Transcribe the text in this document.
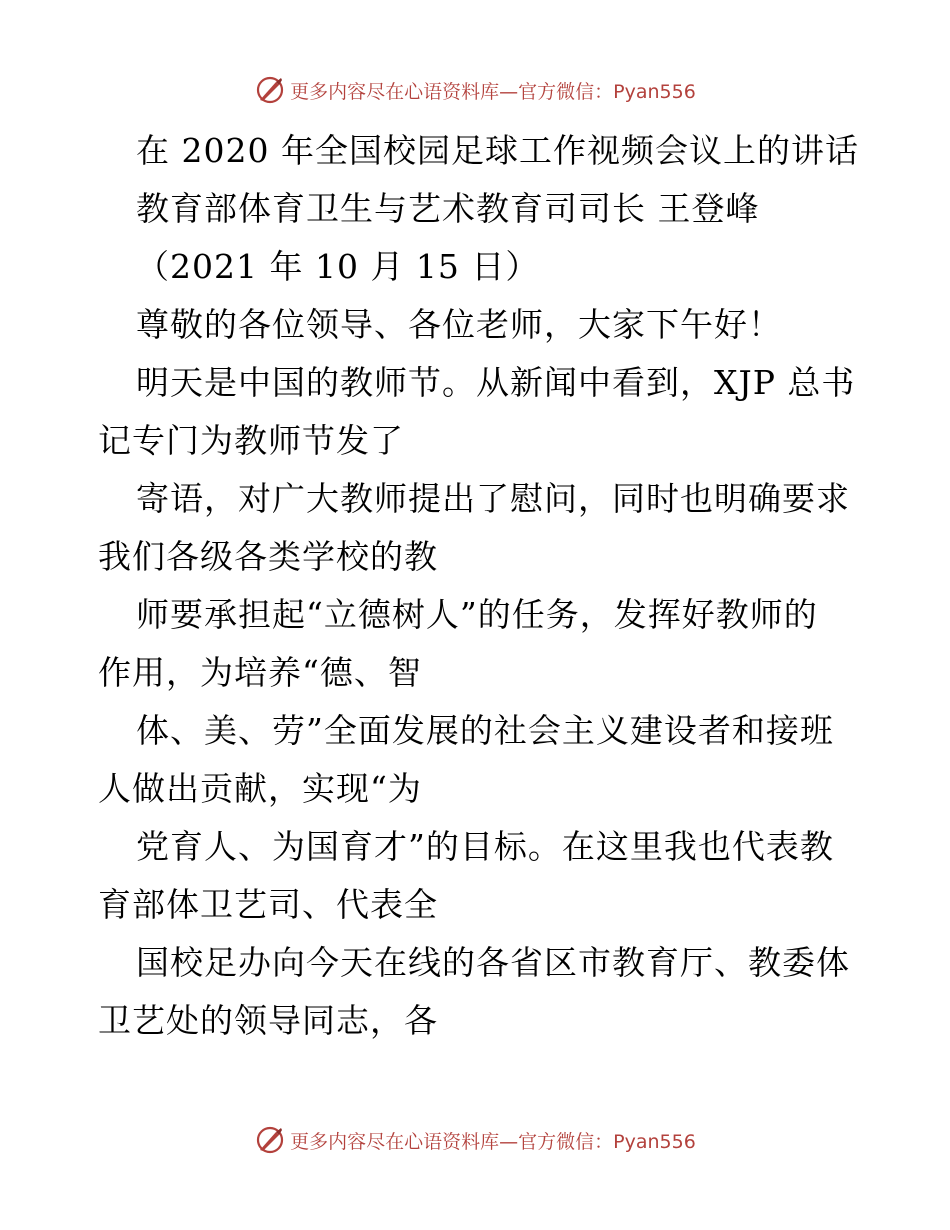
更多内容尽在心语资料库—官方微信：Pyan556
在 2020 年全国校园足球工作视频会议上的讲话
教育部体育卫生与艺术教育司司长 王登峰
（2021 年 10 月 15 日）
尊敬的各位领导、各位老师，大家下午好！
明天是中国的教师节。从新闻中看到，XJP 总书
记专门为教师节发了
寄语，对广大教师提出了慰问，同时也明确要求
我们各级各类学校的教
师要承担起“立德树人”的任务，发挥好教师的
作用，为培养“德、智
体、美、劳”全面发展的社会主义建设者和接班
人做出贡献，实现“为
党育人、为国育才”的目标。在这里我也代表教
育部体卫艺司、代表全
国校足办向今天在线的各省区市教育厅、教委体
卫艺处的领导同志，各
更多内容尽在心语资料库—官方微信：Pyan556
